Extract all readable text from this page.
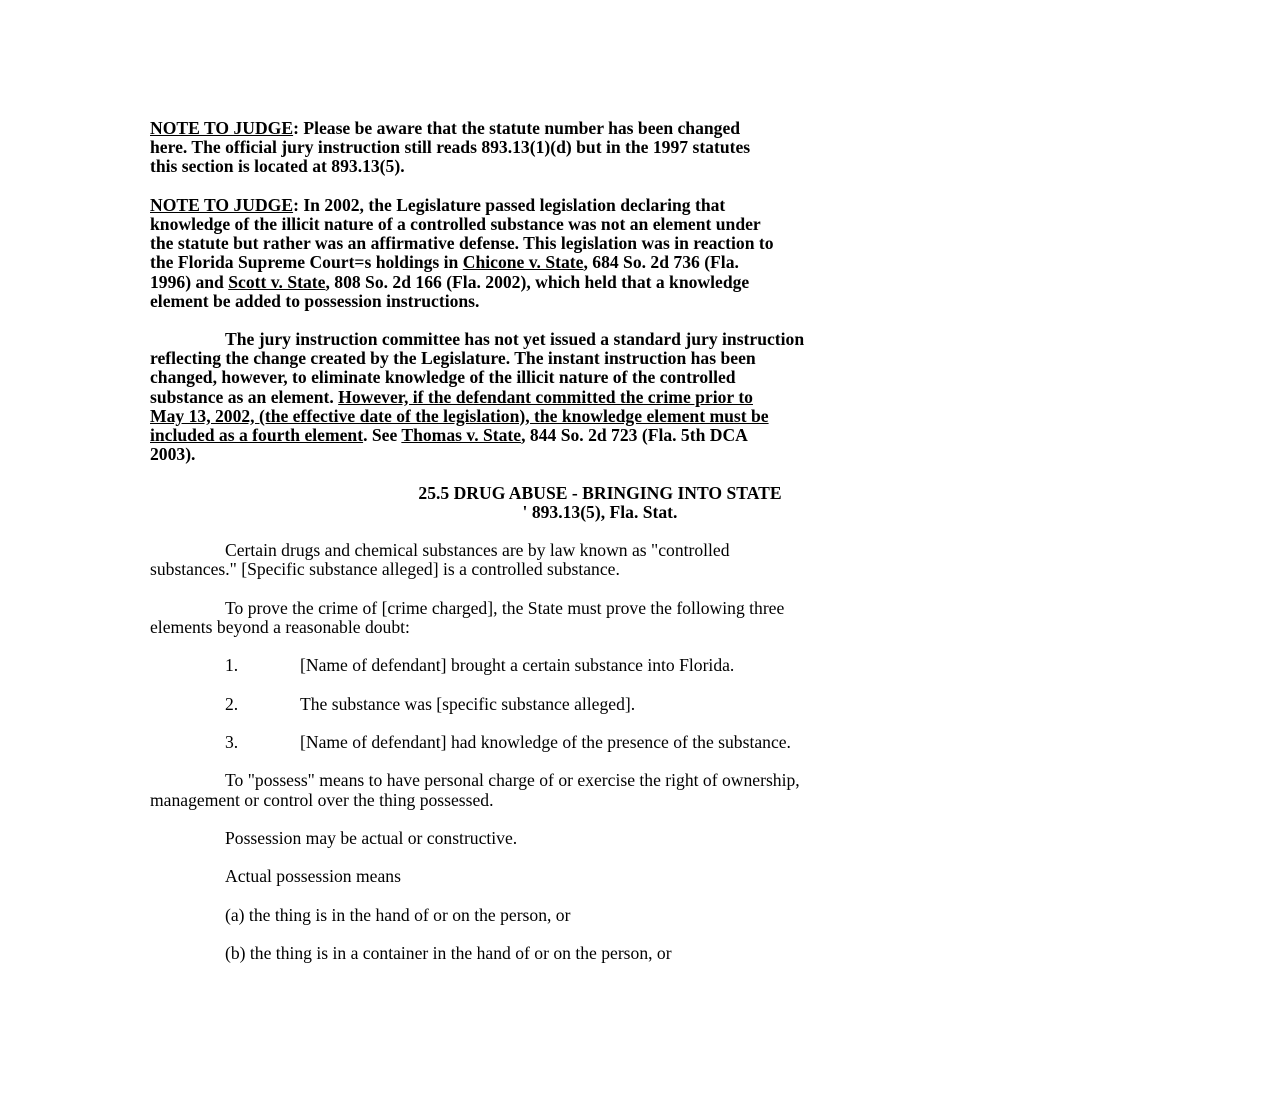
NOTE TO JUDGE: Please be aware that the statute number has been changed
here. The official jury instruction still reads 893.13(1)(d) but in the 1997 statutes
this section is located at 893.13(5).
NOTE TO JUDGE: In 2002, the Legislature passed legislation declaring that
knowledge of the illicit nature of a controlled substance was not an element under
the statute but rather was an affirmative defense. This legislation was in reaction to
the Florida Supreme Court=s holdings in Chicone v. State, 684 So. 2d 736 (Fla.
1996) and Scott v. State, 808 So. 2d 166 (Fla. 2002), which held that a knowledge
element be added to possession instructions.
The jury instruction committee has not yet issued a standard jury instruction
reflecting the change created by the Legislature. The instant instruction has been
changed, however, to eliminate knowledge of the illicit nature of the controlled
substance as an element. However, if the defendant committed the crime prior to
May 13, 2002, (the effective date of the legislation), the knowledge element must be
included as a fourth element. See Thomas v. State, 844 So. 2d 723 (Fla. 5th DCA
2003).
25.5 DRUG ABUSE - BRINGING INTO STATE
' 893.13(5), Fla. Stat.
Certain drugs and chemical substances are by law known as "controlled
substances." [Specific substance alleged] is a controlled substance.
To prove the crime of [crime charged], the State must prove the following three
elements beyond a reasonable doubt:
1.	[Name of defendant] brought a certain substance into Florida.
2.	The substance was [specific substance alleged].
3.	[Name of defendant] had knowledge of the presence of the substance.
To "possess" means to have personal charge of or exercise the right of ownership,
management or control over the thing possessed.
Possession may be actual or constructive.
Actual possession means
(a) the thing is in the hand of or on the person, or
(b) the thing is in a container in the hand of or on the person, or
